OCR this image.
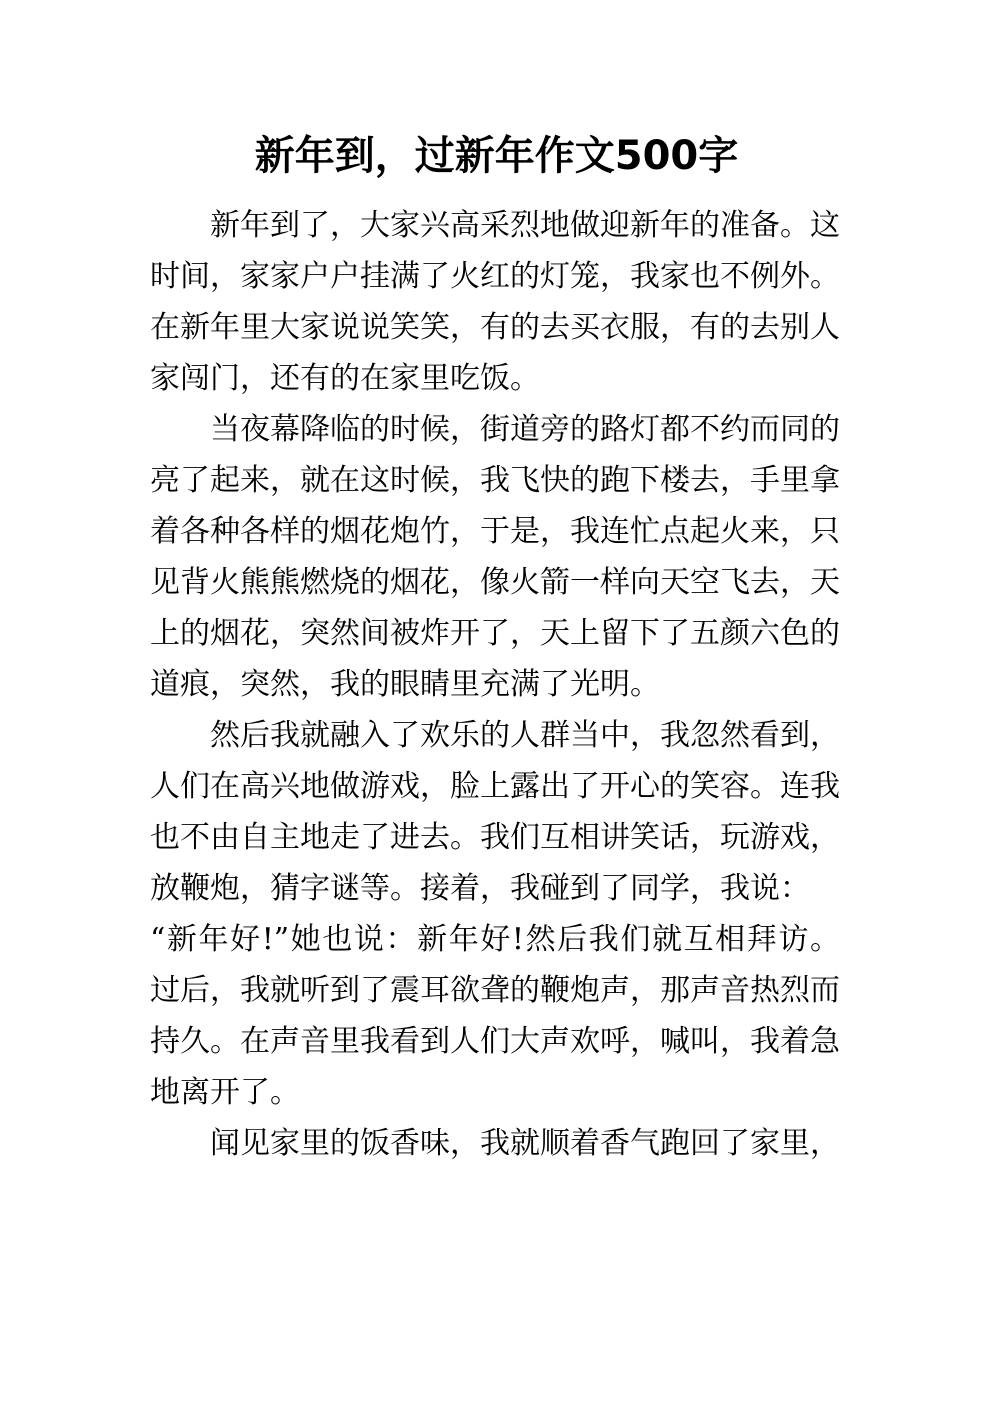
新年到，过新年作文500字
新年到了，大家兴高采烈地做迎新年的准备。这
时间，家家户户挂满了火红的灯笼，我家也不例外。
在新年里大家说说笑笑，有的去买衣服，有的去别人
家闯门，还有的在家里吃饭。
当夜幕降临的时候，街道旁的路灯都不约而同的
亮了起来，就在这时候，我飞快的跑下楼去，手里拿
着各种各样的烟花炮竹，于是，我连忙点起火来，只
见背火熊熊燃烧的烟花，像火箭一样向天空飞去，天
上的烟花，突然间被炸开了，天上留下了五颜六色的
道痕，突然，我的眼睛里充满了光明。
然后我就融入了欢乐的人群当中，我忽然看到，
人们在高兴地做游戏，脸上露出了开心的笑容。连我
也不由自主地走了进去。我们互相讲笑话，玩游戏，
放鞭炮，猜字谜等。接着，我碰到了同学，我说：
“新年好!”她也说：新年好!然后我们就互相拜访。
过后，我就听到了震耳欲聋的鞭炮声，那声音热烈而
持久。在声音里我看到人们大声欢呼，喊叫，我着急
地离开了。
闻见家里的饭香味，我就顺着香气跑回了家里，
